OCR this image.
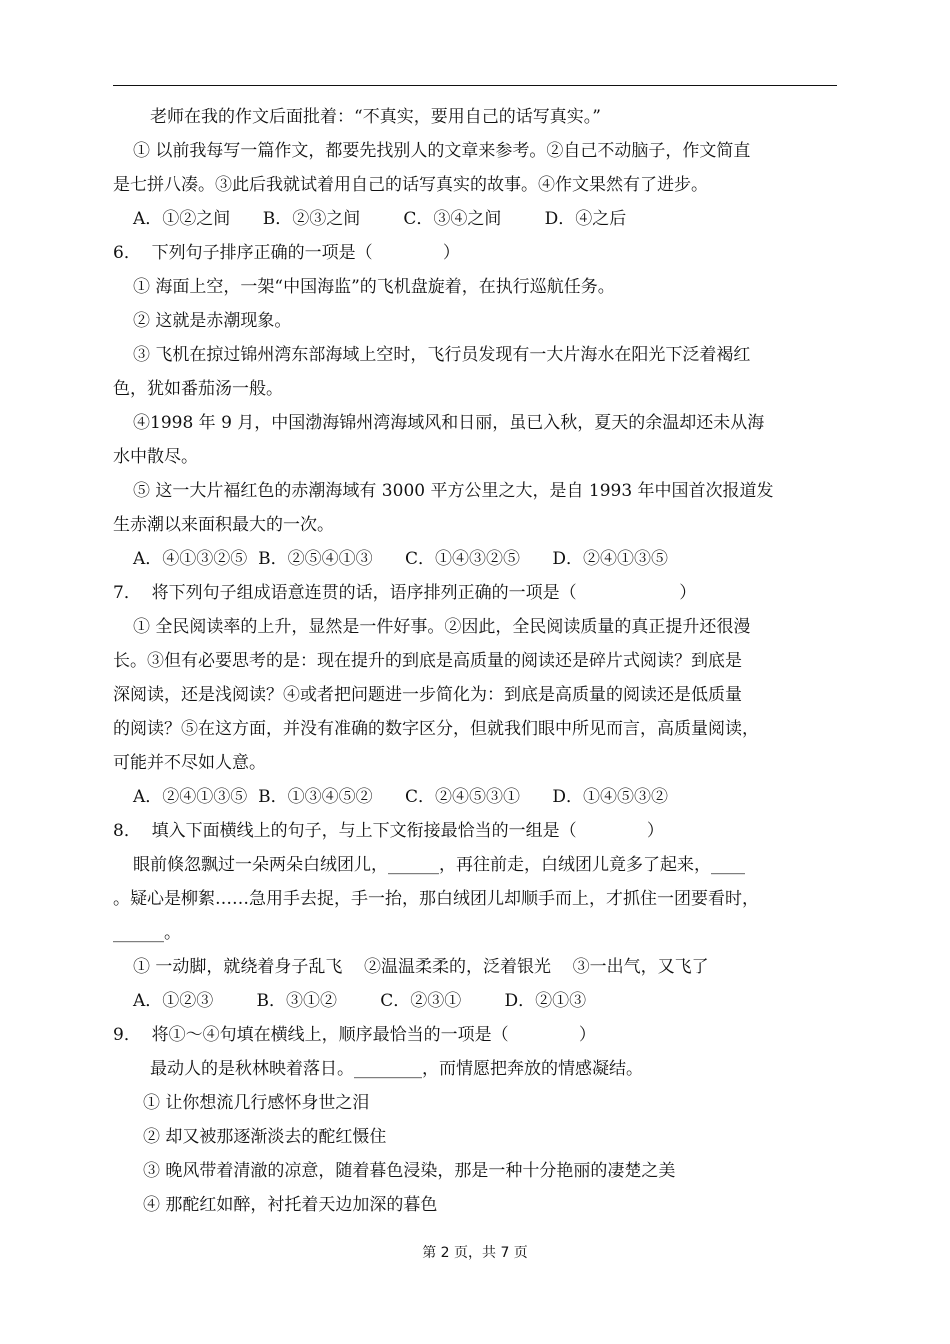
老师在我的作文后面批着：“不真实，要用自己的话写真实。”
① 以前我每写一篇作文，都要先找别人的文章来参考。②自己不动脑子，作文简直
是七拼八凑。③此后我就试着用自己的话写真实的故事。④作文果然有了进步。
A．①②之间      B．②③之间        C．③④之间        D．④之后
6．  下列句子排序正确的一项是（             ）
① 海面上空，一架“中国海监”的飞机盘旋着，在执行巡航任务。
② 这就是赤潮现象。
③ 飞机在掠过锦州湾东部海域上空时，飞行员发现有一大片海水在阳光下泛着褐红
色，犹如番茄汤一般。
④1998 年 9 月，中国渤海锦州湾海域风和日丽，虽已入秋，夏天的余温却还未从海
水中散尽。
⑤ 这一大片褔红色的赤潮海域有 3000 平方公里之大，是自 1993 年中国首次报道发
生赤潮以来面积最大的一次。
A．④①③②⑤  B．②⑤④①③      C．①④③②⑤      D．②④①③⑤
7．  将下列句子组成语意连贯的话，语序排列正确的一项是（                   ）
① 全民阅读率的上升，显然是一件好事。②因此，全民阅读质量的真正提升还很漫
长。③但有必要思考的是：现在提升的到底是高质量的阅读还是碎片式阅读？到底是
深阅读，还是浅阅读？④或者把问题进一步简化为：到底是高质量的阅读还是低质量
的阅读？⑤在这方面，并没有准确的数字区分，但就我们眼中所见而言，高质量阅读，
可能并不尽如人意。
A．②④①③⑤  B．①③④⑤②      C．②④⑤③①      D．①④⑤③②
8．  填入下面横线上的句子，与上下文衔接最恰当的一组是（             ）
眼前倏忽飘过一朵两朵白绒团儿，______，再往前走，白绒团儿竟多了起来，____
。疑心是柳絮……急用手去捉，手一抬，那白绒团儿却顺手而上，才抓住一团要看时，
______。
① 一动脚，就绕着身子乱飞    ②温温柔柔的，泛着银光    ③一出气，又飞了
A．①②③        B．③①②        C．②③①        D．②①③
9．  将①～④句填在横线上，顺序最恰当的一项是（             ）
最动人的是秋林映着落日。________，而情愿把奔放的情感凝结。
① 让你想流几行感怀身世之泪
② 却又被那逐渐淡去的酡红慑住
③ 晚风带着清澈的凉意，随着暮色浸染，那是一种十分艳丽的凄楚之美
④ 那酡红如醉，衬托着天边加深的暮色
第 2 页，共 7 页
